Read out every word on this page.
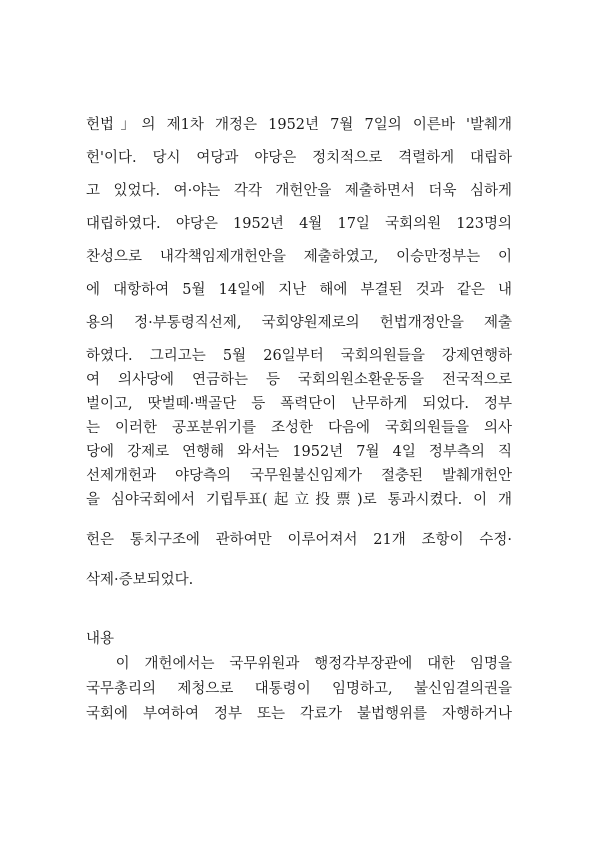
헌법」의 제1차 개정은 1952년 7월 7일의 이른바 '발췌개
헌'이다. 당시 여당과 야당은 정치적으로 격렬하게 대립하
고 있었다. 여·야는 각각 개헌안을 제출하면서 더욱 심하게
대립하였다. 야당은 1952년 4월 17일 국회의원 123명의
찬성으로 내각책임제개헌안을 제출하였고, 이승만정부는 이
에 대항하여 5월 14일에 지난 해에 부결된 것과 같은 내
용의 정·부통령직선제, 국회양원제로의 헌법개정안을 제출
하였다. 그리고는 5월 26일부터 국회의원들을 강제연행하
여 의사당에 연금하는 등 국회의원소환운동을 전국적으로
벌이고, 땃벌떼·백골단 등 폭력단이 난무하게 되었다. 정부
는 이러한 공포분위기를 조성한 다음에 국회의원들을 의사
당에 강제로 연행해 와서는 1952년 7월 4일 정부측의 직
선제개헌과 야당측의 국무원불신임제가 절충된 발췌개헌안
을 심야국회에서 기립투표(起立投票)로 통과시켰다. 이 개
헌은 통치구조에 관하여만 이루어져서 21개 조항이 수정·
삭제·증보되었다.
내용
이 개헌에서는 국무위원과 행정각부장관에 대한 임명을
국무총리의 제청으로 대통령이 임명하고, 불신임결의권을
국회에 부여하여 정부 또는 각료가 불법행위를 자행하거나
